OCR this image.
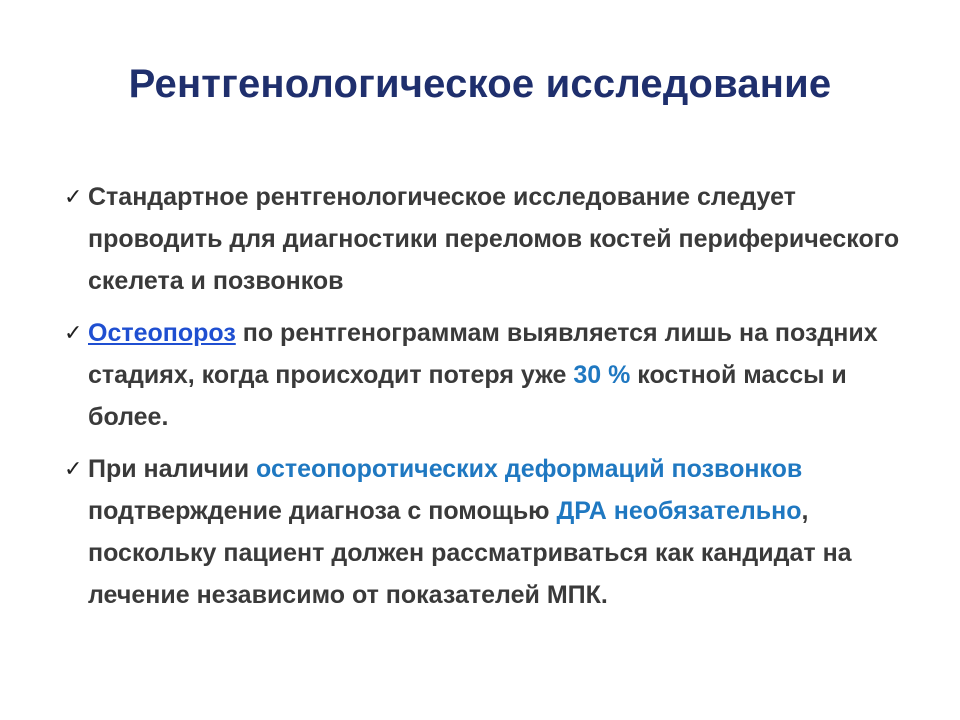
Рентгенологическое исследование
✓ Стандартное рентгенологическое исследование следует проводить для диагностики переломов костей периферического скелета и позвонков
✓ Остеопороз по рентгенограммам выявляется лишь на поздних стадиях, когда происходит потеря уже 30 % костной массы и более.
✓ При наличии остеопоротических деформаций позвонков подтверждение диагноза с помощью ДРА необязательно, поскольку пациент должен рассматриваться как кандидат на лечение независимо от показателей МПК.
